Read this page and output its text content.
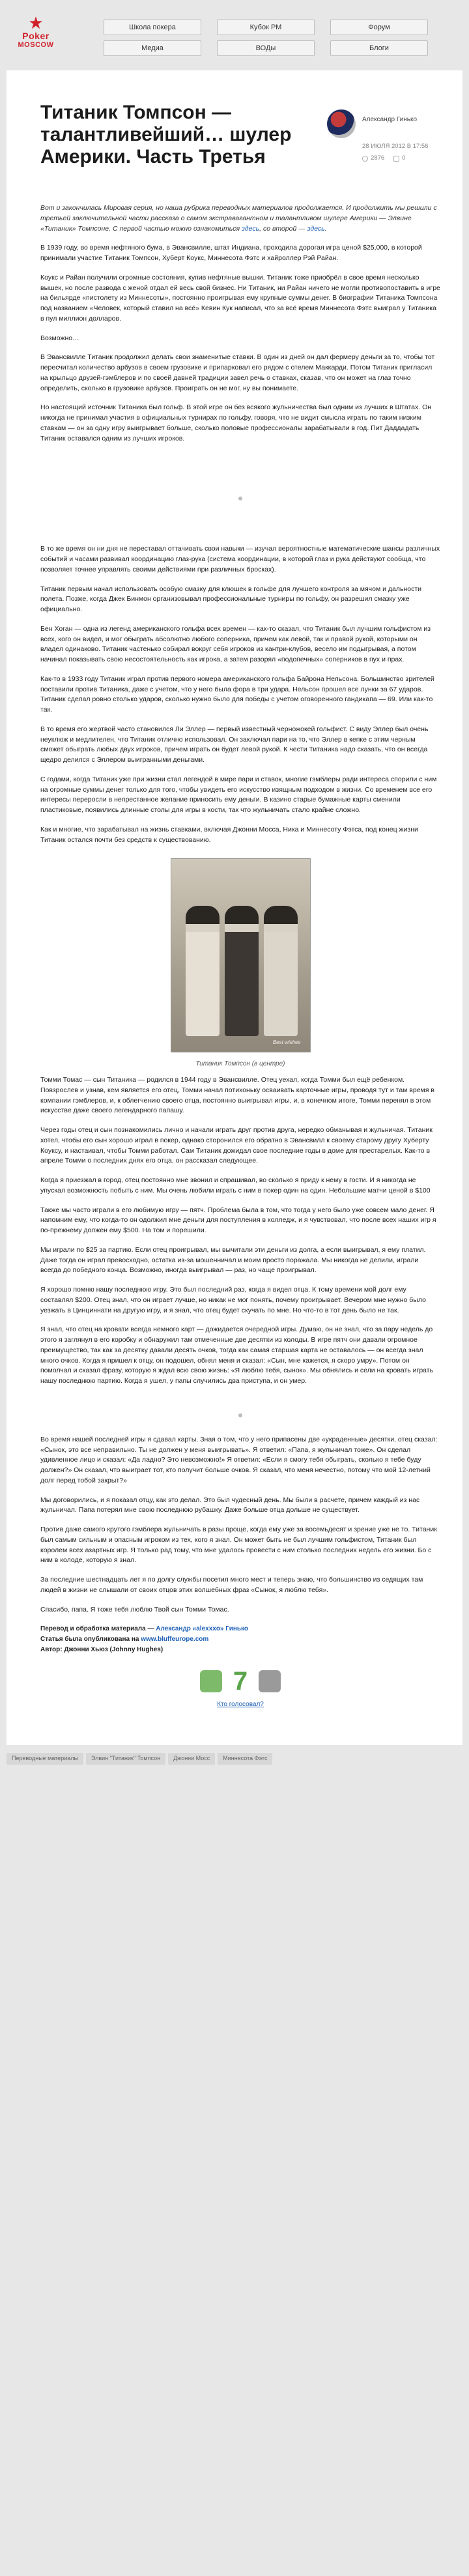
★
Poker
MOSCOW
Школа покера	Кубок РМ	Форум
Медиа	ВОДы	Блоги
Титаник Томпсон — талантливейший… шулер Америки. Часть Третья
Александр Гинько
28 ИЮЛЯ 2012 В 17:56
2876	0

Вот и закончилась Мировая серия, но наша рубрика переводных материалов продолжается. И продолжить мы решили с третьей заключительной части рассказа о самом экстравагантном и талантливом шулере Америки — Элвине «Титаник» Томпсоне. С первой частью можно ознакомиться здесь, со второй — здесь.

В 1939 году, во время нефтяного бума, в Эвансвилле, штат Индиана, проходила дорогая игра ценой $25,000, в которой принимали участие Титаник Томпсон, Хуберт Коукс, Миннесота Фэтс и хайроллер Рэй Райан.

Коукс и Райан получили огромные состояния, купив нефтяные вышки. Титаник тоже приобрёл в свое время несколько вышек, но после развода с женой отдал ей весь свой бизнес. Ни Титаник, ни Райан ничего не могли противопоставить в игре на бильярде «пистолету из Миннесоты», постоянно проигрывая ему крупные суммы денег. В биографии Титаника Томпсона под названием «Человек, который ставил на всё» Кевин Кук написал, что за всё время Миннесота Фэтс выиграл у Титаника в пул миллион долларов.

Возможно…

В Эвансвилле Титаник продолжил делать свои знаменитые ставки. В один из дней он дал фермеру деньги за то, чтобы тот пересчитал количество арбузов в своем грузовике и припарковал его рядом с отелем Маккарди. Потом Титаник пригласил на крыльцо друзей-гэмблеров и по своей давней традиции завел речь о ставках, сказав, что он может на глаз точно определить, сколько в грузовике арбузов. Проиграть он не мог, ну вы понимаете.

Но настоящий источник Титаника был гольф. В этой игре он без всякого жульничества был одним из лучших в Штатах. Он никогда не принимал участия в официальных турнирах по гольфу, говоря, что не видит смысла играть по таким низким ставкам — он за одну игру выигрывает больше, сколько половые профессионалы зарабатывали в год. Пит Даддадать Титаник оставался одним из лучших игроков.

В то же время он ни дня не переставал оттачивать свои навыки — изучал вероятностные математические шансы различных событий и часами развивал координацию глаз-рука (система координации, в которой глаз и рука действуют сообща, что позволяет точнее управлять своими действиями при различных бросках).

Титаник первым начал использовать особую смазку для клюшек в гольфе для лучшего контроля за мячом и дальности полета. Позже, когда Джек Бинмон организовывал профессиональные турниры по гольфу, он разрешил смазку уже официально.

Бен Хоган — одна из легенд американского гольфа всех времен — как-то сказал, что Титаник был лучшим гольфистом из всех, кого он видел, и мог обыграть абсолютно любого соперника, причем как левой, так и правой рукой, которыми он владел одинаково. Титаник частенько собирал вокруг себя игроков из кантри-клубов, весело им подыгрывая, а потом начинал показывать свою несостоятельность как игрока, а затем разорял «подопечных» соперников в пух и прах.

Как-то в 1933 году Титаник играл против первого номера американского гольфа Байрона Нельсона. Большинство зрителей поставили против Титаника, даже с учетом, что у него была фора в три удара. Нельсон прошел все лунки за 67 ударов. Титаник сделал ровно столько ударов, сколько нужно было для победы с учетом оговоренного гандикапа — 69. Или как-то так.

В то время его жертвой часто становился Ли Эллер — первый известный черножокей гольфист. С виду Эллер был очень неуклюж и медлителен, что Титаник отлично использовал. Он заключал пари на то, что Эллер в кепке с этим черным сможет обыграть любых двух игроков, причем играть он будет левой рукой. К чести Титаника надо сказать, что он всегда щедро делился с Эллером выигранными деньгами.

С годами, когда Титаник уже при жизни стал легендой в мире пари и ставок, многие гэмблеры ради интереса спорили с ним на огромные суммы денег только для того, чтобы увидеть его искусство изящным подходом в жизни. Со временем все его интересы переросли в непрестанное желание приносить ему деньги. В казино старые бумажные карты сменили пластиковые, появились длинные столы для игры в кости, так что жульничать стало крайне сложно.

Как и многие, что зарабатывал на жизнь ставками, включая Джонни Мосса, Ника и Миннесоту Фэтса, под конец жизни Титаник остался почти без средств к существованию.

Best wishes
Титаник Томпсон (в центре)

Томми Томас — сын Титаника — родился в 1944 году в Эвансвилле. Отец уехал, когда Томми был ещё ребенком. Повзрослев и узнав, кем является его отец, Томми начал потихоньку осваивать карточные игры, проводя тут и там время в компании гэмблеров, и, к облегчению своего отца, постоянно выигрывал игры, и, в конечном итоге, Томми перенял в этом искусстве даже своего легендарного папашу.

Через годы отец и сын познакомились лично и начали играть друг против друга, нередко обманывая и жульничая. Титаник хотел, чтобы его сын хорошо играл в покер, однако сторонился его обратно в Эвансвилл к своему старому другу Хуберту Коуксу, и настаивал, чтобы Томми работал. Сам Титаник дожидал свое последние годы в доме для престарелых. Как-то в апреле Томми о последних днях его отца, он рассказал следующее.

Когда я приезжал в город, отец постоянно мне звонил и спрашивал, во сколько я приду к нему в гости. И я никогда не упускал возможность побыть с ним. Мы очень любили играть с ним в покер один на один. Небольшие матчи ценой в $100

Также мы часто играли в его любимую игру — пятч. Проблема была в том, что тогда у него было уже совсем мало денег. Я напомним ему, что когда-то он одолжил мне деньги для поступления в колледж, и я чувствовал, что после всех наших игр я по-прежнему должен ему $500. На том и порешили.

Мы играли по $25 за партию. Если отец проигрывал, мы вычитали эти деньги из долга, а если выигрывал, я ему платил. Даже тогда он играл превосходно, остатка из-за мошенничал и моим просто поражала. Мы никогда не делили, играли всегда до победного конца. Возможно, иногда выигрывал — раз, но чаще проигрывал.

Я хорошо помню нашу последнюю игру. Это был последний раз, когда я видел отца. К тому времени мой долг ему составлял $200. Отец знал, что он играет лучше, но никак не мог понять, почему проигрывает. Вечером мне нужно было уезжать в Цинциннати на другую игру, и я знал, что отец будет скучать по мне. Но что-то в тот день было не так.

Я знал, что отец на кровати всегда немного карт — дожидается очередной игры. Думаю, он не знал, что за пару недель до этого я заглянул в его коробку и обнаружил там отмеченные две десятки из колоды. В игре пятч они давали огромное преимущество, так как за десятку давали десять очков, тогда как самая старшая карта не оставалось — он всегда знал много очков. Когда я пришел к отцу, он подошел, обнял меня и сказал: «Сын, мне кажется, я скоро умру». Потом он помолчал и сказал фразу, которую я ждал всю свою жизнь: «Я люблю тебя, сынок». Мы обнялись и сели на кровать играть нашу последнюю партию. Когда я ушел, у папы случились два приступа, и он умер.

Во время нашей последней игры я сдавал карты. Зная о том, что у него припасены две «украденные» десятки, отец сказал: «Сынок, это все неправильно. Ты не должен у меня выигрывать». Я ответил: «Папа, я жульничал тоже». Он сделал удивленное лицо и сказал: «Да ладно? Это невозможно!» Я ответил: «Если я смогу тебя обыграть, сколько я тебе буду должен?» Он сказал, что выиграет тот, кто получит больше очков. Я сказал, что меня нечестно, потому что мой 12-летний долг перед тобой закрыт?»

Мы договорились, и я показал отцу, как это делал. Это был чудесный день. Мы были в расчете, причем каждый из нас жульничал. Папа потерял мне свою последнюю рубашку. Даже больше отца дольше не существует.

Против даже самого крутого гэмблера жульничать в разы проще, когда ему уже за восемьдесят и зрение уже не то. Титаник был самым сильным и опасным игроком из тех, кого я знал. Он может быть не был лучшим гольфистом, Титаник был королем всех азартных игр. Я только рад тому, что мне удалось провести с ним столько последних недель его жизни. Бо с ним в колоде, которую я знал.

За последние шестнадцать лет я по долгу службы посетил много мест и теперь знаю, что большинство из седящих там людей в жизни не слышали от своих отцов этих волшебных фраз «Сынок, я люблю тебя».

Спасибо, папа. Я тоже тебя люблю Твой сын Томми Томас.

Перевод и обработка материала — Александр «alexxxo» Гинько
Статья была опубликована на www.bluffeurope.com
Автор: Джонни Хьюз (Johnny Hughes)
7
Кто голосовал?
Переводные материалы	Элвин "Титаник" Томпсон	Джонни Мосс	Миннесота Фэтс
